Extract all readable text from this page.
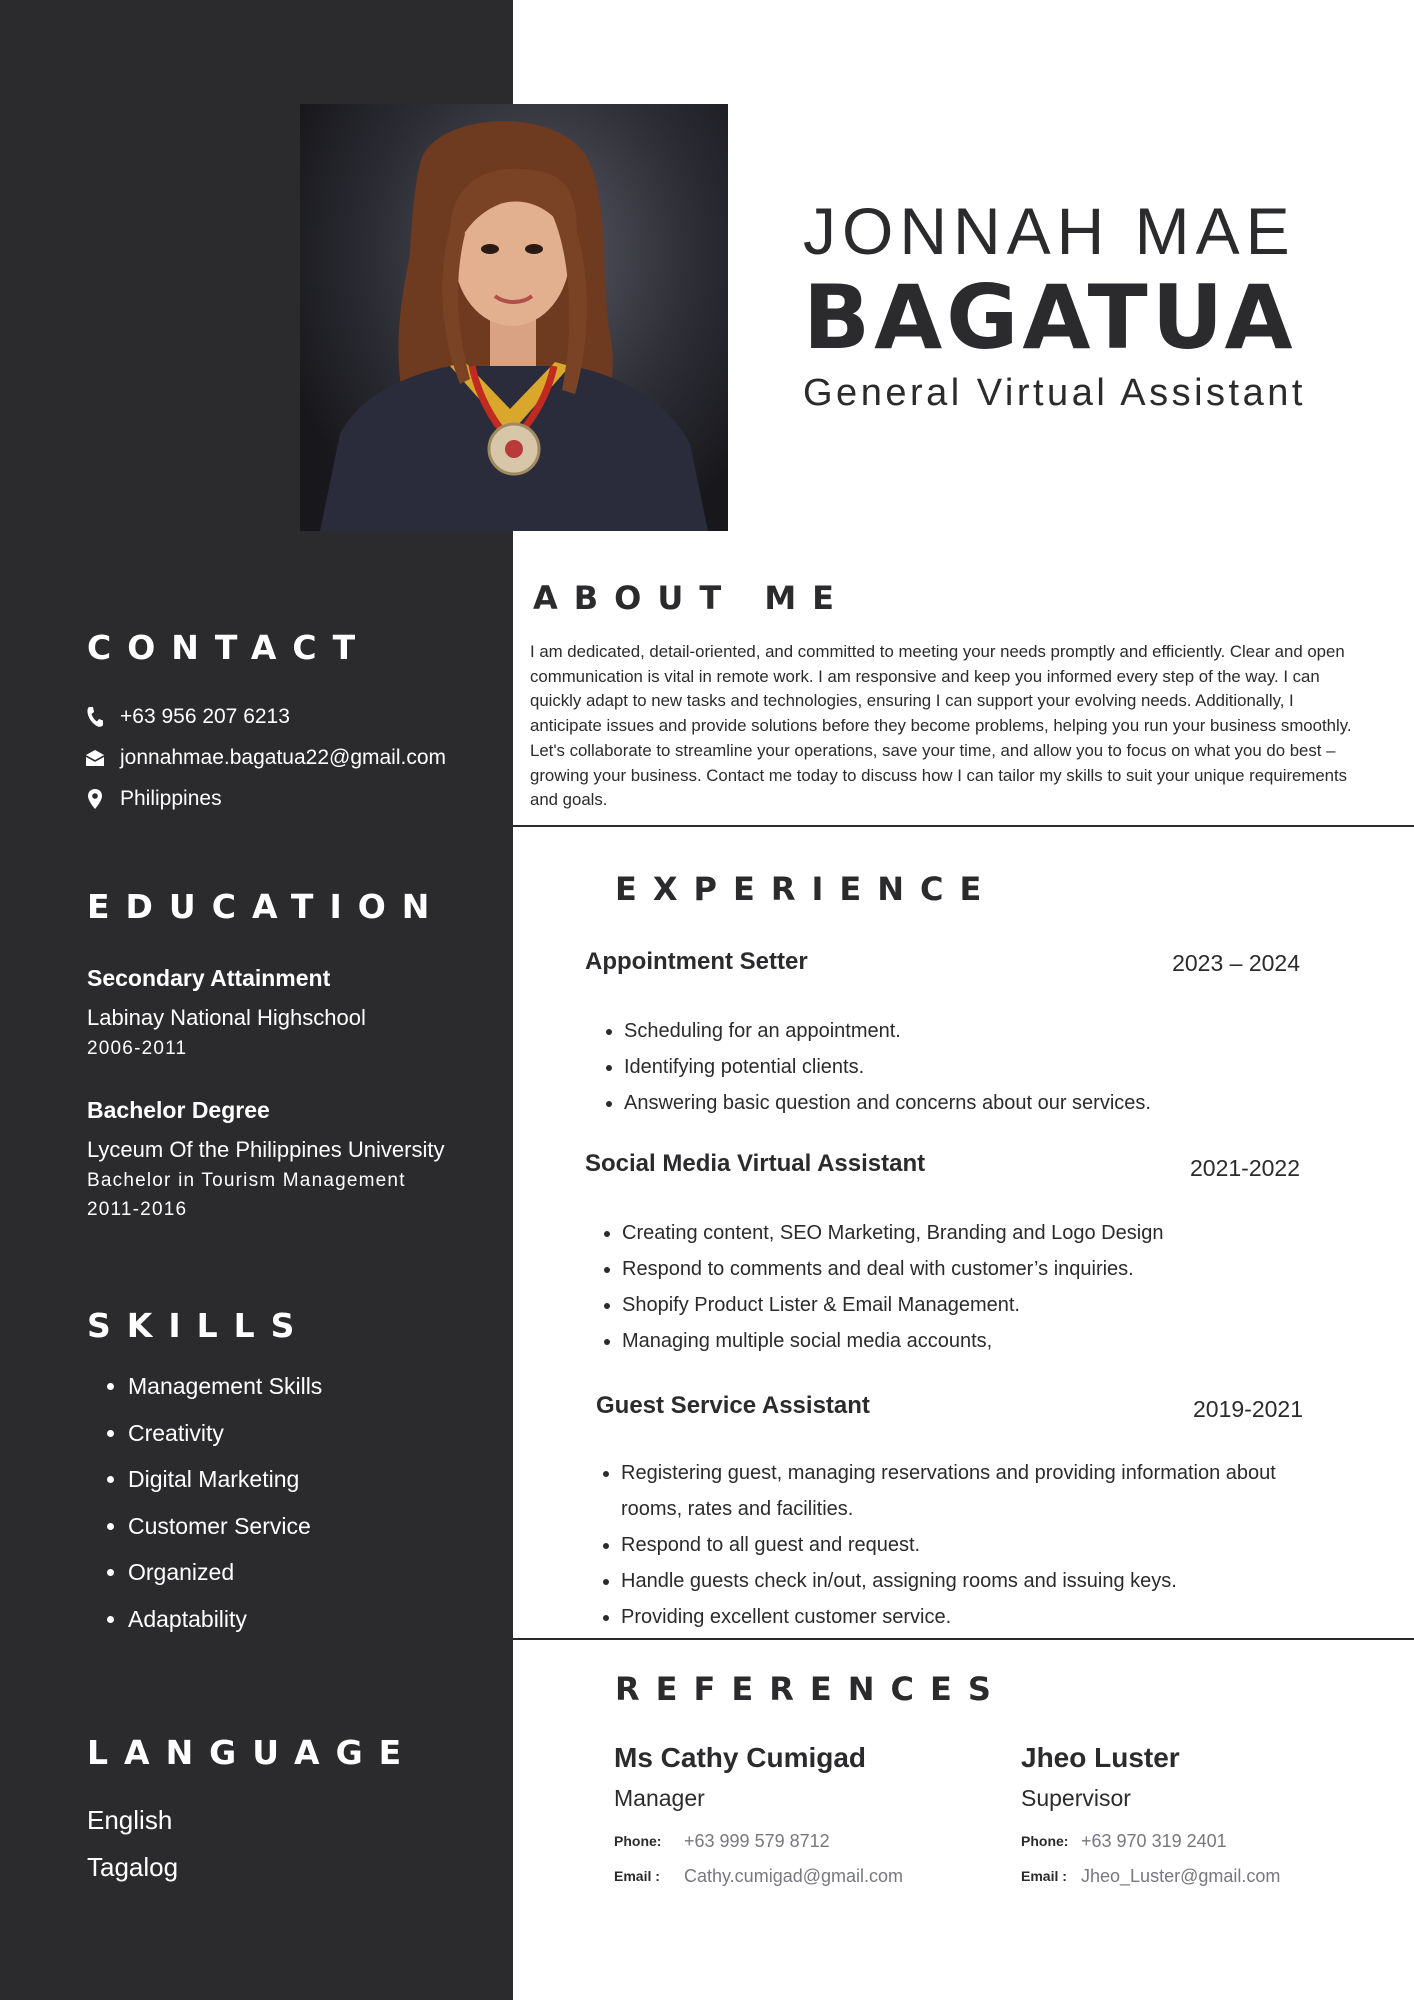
JONNAH MAE
BAGATUA
General Virtual Assistant
CONTACT
+63 956 207 6213
jonnahmae.bagatua22@gmail.com
Philippines
EDUCATION
Secondary Attainment
Labinay National Highschool
2006-2011
Bachelor Degree
Lyceum Of the Philippines University
Bachelor in Tourism Management
2011-2016
SKILLS
• Management Skills
• Creativity
• Digital Marketing
• Customer Service
• Organized
• Adaptability
LANGUAGE
English
Tagalog
ABOUT ME
I am dedicated, detail-oriented, and committed to meeting your needs promptly and efficiently. Clear and open communication is vital in remote work. I am responsive and keep you informed every step of the way. I can quickly adapt to new tasks and technologies, ensuring I can support your evolving needs. Additionally, I anticipate issues and provide solutions before they become problems, helping you run your business smoothly. Let's collaborate to streamline your operations, save your time, and allow you to focus on what you do best – growing your business. Contact me today to discuss how I can tailor my skills to suit your unique requirements and goals.
EXPERIENCE
Appointment Setter	2023 – 2024
• Scheduling for an appointment.
• Identifying potential clients.
• Answering basic question and concerns about our services.
Social Media Virtual Assistant	2021-2022
• Creating content, SEO Marketing, Branding and Logo Design
• Respond to comments and deal with customer’s inquiries.
• Shopify Product Lister & Email Management.
• Managing multiple social media accounts,
Guest Service Assistant	2019-2021
• Registering guest, managing reservations and providing information about rooms, rates and facilities.
• Respond to all guest and request.
• Handle guests check in/out, assigning rooms and issuing keys.
• Providing excellent customer service.
REFERENCES
Ms Cathy Cumigad
Manager
Phone: +63 999 579 8712
Email : Cathy.cumigad@gmail.com
Jheo Luster
Supervisor
Phone: +63 970 319 2401
Email : Jheo_Luster@gmail.com
